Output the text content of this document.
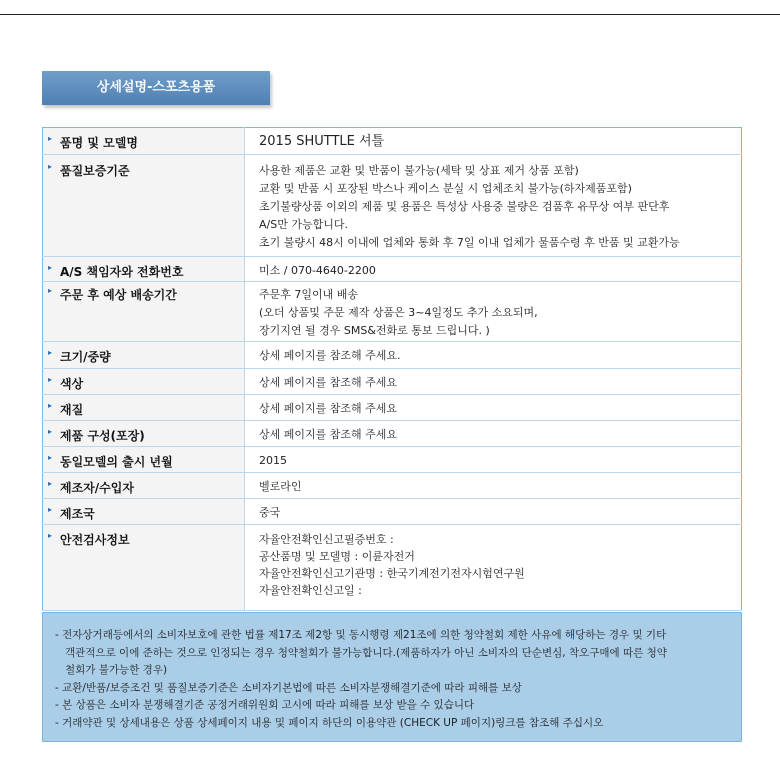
상세설명-스포츠용품
▸ 품명 및 모델명	2015 SHUTTLE 셔틀

▸ 품질보증기준	사용한 제품은 교환 및 반품이 불가능(세탁 및 상표 제거 상품 포함)
교환 및 반품 시 포장된 박스나 케이스 분실 시 업체조치 불가능(하자제품포함)
초기불량상품 이외의 제품 및 용품은 특성상 사용중 불량은 검품후 유무상 여부 판단후
A/S만 가능합니다.
초기 불량시 48시 이내에 업체와 통화 후 7일 이내 업체가 물품수령 후 반품 및 교환가능

▸ A/S 책임자와 전화번호	미소 / 070-4640-2200

▸ 주문 후 예상 배송기간	주문후 7일이내 배송
(오더 상품및 주문 제작 상품은 3~4일정도 추가 소요되며,
장기지연 될 경우 SMS&전화로 통보 드립니다. )

▸ 크기/중량	상세 페이지를 참조해 주세요.

▸ 색상	상세 페이지를 참조해 주세요

▸ 재질	상세 페이지를 참조해 주세요

▸ 제품 구성(포장)	상세 페이지를 참조해 주세요

▸ 동일모델의 출시 년월	2015

▸ 제조자/수입자	벨로라인

▸ 제조국	중국

▸ 안전검사정보	자율안전확인신고필증번호 :
공산품명 및 모델명 : 이륜자전거
자율안전확인신고기관명 : 한국기계전기전자시험연구원
자율안전확인신고일 :
- 전자상거래등에서의 소비자보호에 관한 법률 제17조 제2항 및 동시행령 제21조에 의한 청약철회 제한 사유에 해당하는 경우 및 기타
객관적으로 이에 준하는 것으로 인정되는 경우 청약철회가 불가능합니다.(제품하자가 아닌 소비자의 단순변심, 착오구매에 따른 청약
철회가 불가능한 경우)
- 교환/반품/보증조건 및 품질보증기준은 소비자기본법에 따른 소비자분쟁해결기준에 따라 피해를 보상
- 본 상품은 소비자 분쟁해결기준 공정거래위원회 고시에 따라 피해를 보상 받을 수 있습니다
- 거래약관 및 상세내용은 상품 상세페이지 내용 및 페이지 하단의 이용약관 (CHECK UP 페이지)링크를 참조해 주십시오
